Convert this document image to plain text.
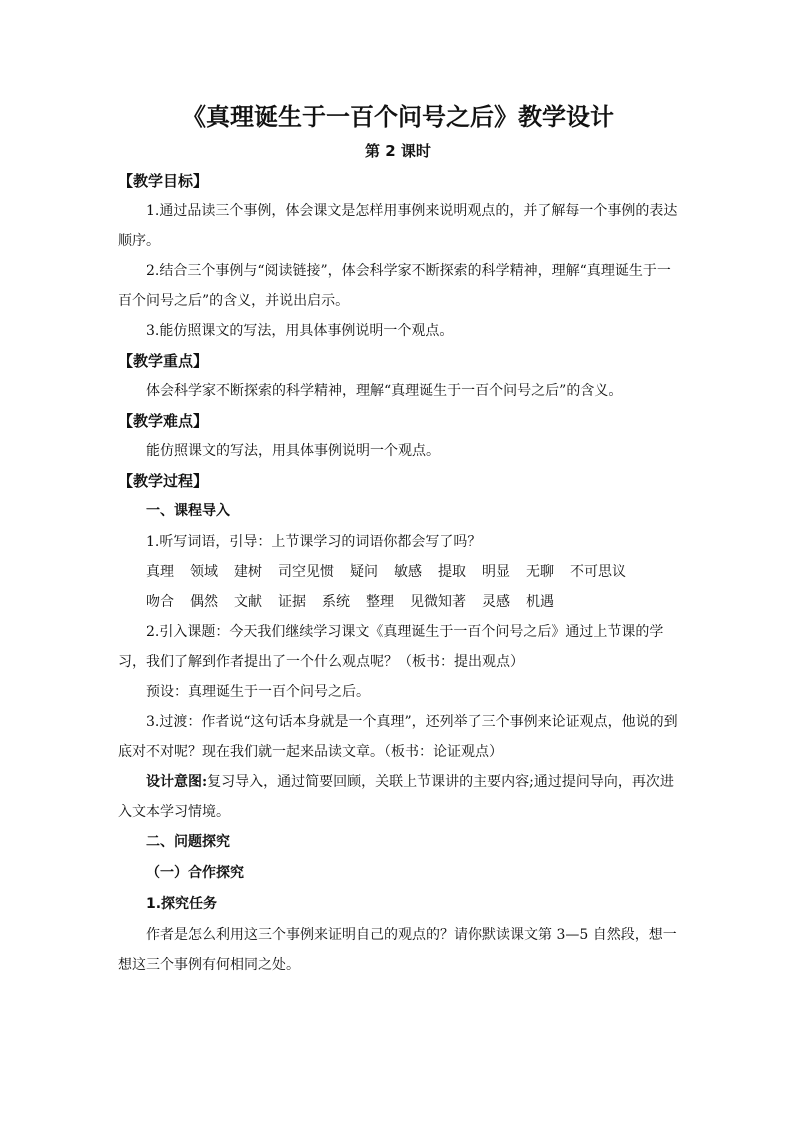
《真理诞生于一百个问号之后》教学设计
第 2 课时
【教学目标】
1.通过品读三个事例，体会课文是怎样用事例来说明观点的，并了解每一个事例的表达顺序。
2.结合三个事例与“阅读链接”，体会科学家不断探索的科学精神，理解“真理诞生于一百个问号之后”的含义，并说出启示。
3.能仿照课文的写法，用具体事例说明一个观点。
【教学重点】
体会科学家不断探索的科学精神，理解“真理诞生于一百个问号之后”的含义。
【教学难点】
能仿照课文的写法，用具体事例说明一个观点。
【教学过程】
一、课程导入
1.听写词语，引导：上节课学习的词语你都会写了吗？
真理 领域 建树 司空见惯 疑问 敏感 提取 明显 无聊 不可思议
吻合 偶然 文献 证据 系统 整理 见微知著 灵感 机遇
2.引入课题：今天我们继续学习课文《真理诞生于一百个问号之后》通过上节课的学习，我们了解到作者提出了一个什么观点呢？（板书：提出观点）
预设：真理诞生于一百个问号之后。
3.过渡：作者说“这句话本身就是一个真理”，还列举了三个事例来论证观点，他说的到底对不对呢？现在我们就一起来品读文章。（板书：论证观点）
设计意图:复习导入，通过简要回顾，关联上节课讲的主要内容;通过提问导向，再次进入文本学习情境。
二、问题探究
（一）合作探究
1.探究任务
作者是怎么利用这三个事例来证明自己的观点的？请你默读课文第 3—5 自然段，想一想这三个事例有何相同之处。
